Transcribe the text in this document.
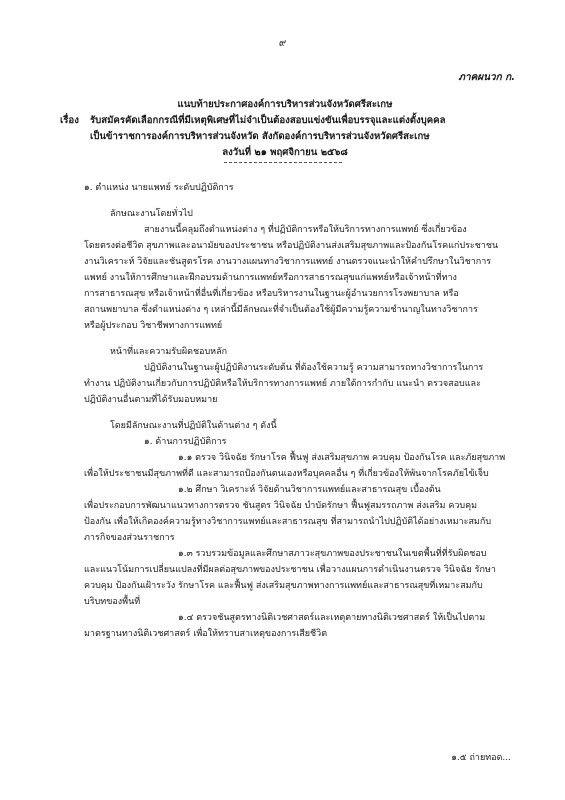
๙
ภาคผนวก ก.
แนบท้ายประกาศองค์การบริหารส่วนจังหวัดศรีสะเกษ
เรื่อง	รับสมัครคัดเลือกกรณีที่มีเหตุพิเศษที่ไม่จำเป็นต้องสอบแข่งขันเพื่อบรรจุและแต่งตั้งบุคคล
เป็นข้าราชการองค์การบริหารส่วนจังหวัด สังกัดองค์การบริหารส่วนจังหวัดศรีสะเกษ
ลงวันที่ ๒๑ พฤศจิกายน ๒๕๖๘

๑. ตำแหน่ง นายแพทย์ ระดับปฏิบัติการ

ลักษณะงานโดยทั่วไป

สายงานนี้คลุมถึงตำแหน่งต่าง ๆ ที่ปฏิบัติการหรือให้บริการทางการแพทย์ ซึ่งเกี่ยวข้อง

โดยตรงต่อชีวิต สุขภาพและอนามัยของประชาชน หรือปฏิบัติงานส่งเสริมสุขภาพและป้องกันโรคแก่ประชาชน

งานวิเคราะห์ วิจัยและชันสูตรโรค งานวางแผนทางวิชาการแพทย์ งานตรวจแนะนำให้คำปรึกษาในวิชาการ

แพทย์ งานให้การศึกษาและฝึกอบรมด้านการแพทย์หรือการสาธารณสุขแก่แพทย์หรือเจ้าหน้าที่ทาง

การสาธารณสุข หรือเจ้าหน้าที่อื่นที่เกี่ยวข้อง หรือบริหารงานในฐานะผู้อำนวยการโรงพยาบาล หรือ

สถานพยาบาล ซึ่งตำแหน่งต่าง ๆ เหล่านี้มีลักษณะที่จำเป็นต้องใช้ผู้มีความรู้ความชำนาญในทางวิชาการ

หรือผู้ประกอบ วิชาชีพทางการแพทย์

หน้าที่และความรับผิดชอบหลัก

ปฏิบัติงานในฐานะผู้ปฏิบัติงานระดับต้น ที่ต้องใช้ความรู้ ความสามารถทางวิชาการในการ

ทำงาน ปฏิบัติงานเกี่ยวกับการปฏิบัติหรือให้บริการทางการแพทย์ ภายใต้การกำกับ แนะนำ ตรวจสอบและ

ปฏิบัติงานอื่นตามที่ได้รับมอบหมาย

โดยมีลักษณะงานที่ปฏิบัติในด้านต่าง ๆ ดังนี้

๑. ด้านการปฏิบัติการ

๑.๑ ตรวจ วินิจฉัย รักษาโรค ฟื้นฟู ส่งเสริมสุขภาพ ควบคุม ป้องกันโรค และภัยสุขภาพ

เพื่อให้ประชาชนมีสุขภาพที่ดี และสามารถป้องกันตนเองหรือบุคคลอื่น ๆ ที่เกี่ยวข้องให้พ้นจากโรคภัยไข้เจ็บ

๑.๒ ศึกษา วิเคราะห์ วิจัยด้านวิชาการแพทย์และสาธารณสุข เบื้องต้น

เพื่อประกอบการพัฒนาแนวทางการตรวจ ชันสูตร วินิจฉัย บำบัดรักษา ฟื้นฟูสมรรถภาพ ส่งเสริม ควบคุม

ป้องกัน เพื่อให้เกิดองค์ความรู้ทางวิชาการแพทย์และสาธารณสุข ที่สามารถนำไปปฏิบัติได้อย่างเหมาะสมกับ

ภารกิจของส่วนราชการ

๑.๓ รวบรวมข้อมูลและศึกษาสภาวะสุขภาพของประชาชนในเขตพื้นที่ที่รับผิดชอบ

และแนวโน้มการเปลี่ยนแปลงที่มีผลต่อสุขภาพของประชาชน เพื่อวางแผนการดำเนินงานตรวจ วินิจฉัย รักษา

ควบคุม ป้องกันเฝ้าระวัง รักษาโรค และฟื้นฟู ส่งเสริมสุขภาพทางการแพทย์และสาธารณสุขที่เหมาะสมกับ

บริบทของพื้นที่

๑.๔ ตรวจชันสูตรทางนิติเวชศาสตร์และเหตุตายทางนิติเวชศาสตร์ ให้เป็นไปตาม

มาตรฐานทางนิติเวชศาสตร์ เพื่อให้ทราบสาเหตุของการเสียชีวิต

๑.๕ ถ่ายทอด...
